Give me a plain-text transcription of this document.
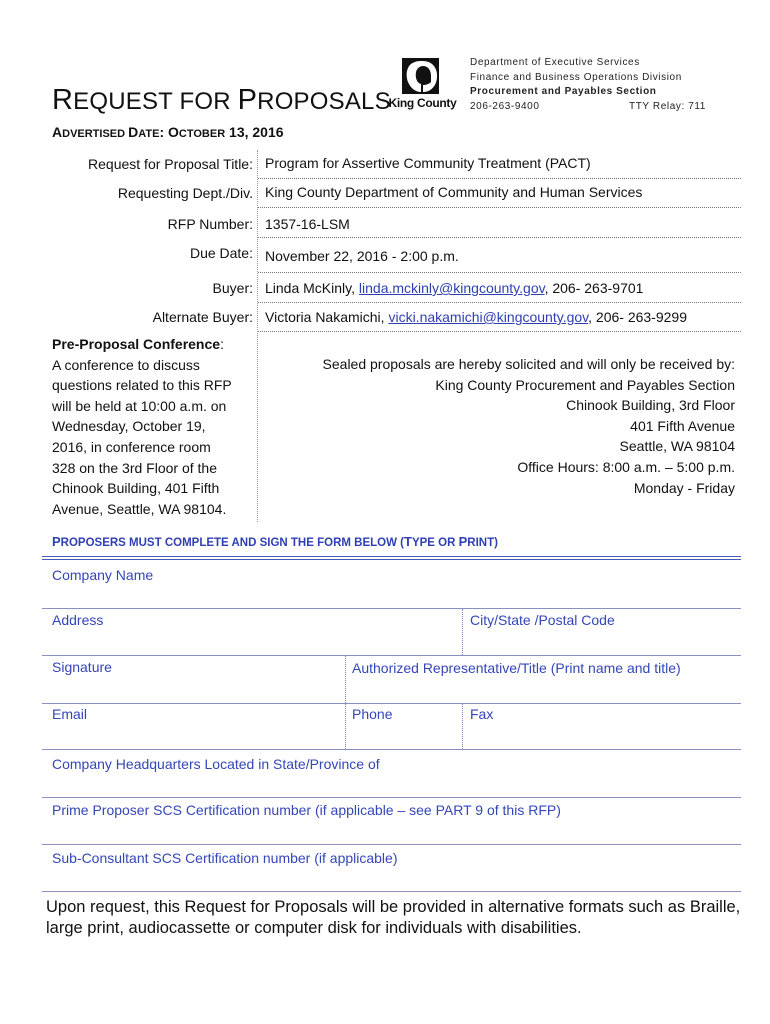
REQUEST FOR PROPOSALS
King County
Department of Executive Services
Finance and Business Operations Division
Procurement and Payables Section
206-263-9400	TTY Relay: 711
ADVERTISED DATE: OCTOBER 13, 2016
Request for Proposal Title: Program for Assertive Community Treatment (PACT)
Requesting Dept./Div. King County Department of Community and Human Services
RFP Number: 1357-16-LSM
Due Date: November 22, 2016 - 2:00 p.m.
Buyer: Linda McKinly, linda.mckinly@kingcounty.gov, 206- 263-9701
Alternate Buyer: Victoria Nakamichi, vicki.nakamichi@kingcounty.gov, 206- 263-9299
Pre-Proposal Conference:
A conference to discuss
questions related to this RFP
will be held at 10:00 a.m. on
Wednesday, October 19,
2016, in conference room
328 on the 3rd Floor of the
Chinook Building, 401 Fifth
Avenue, Seattle, WA 98104.
Sealed proposals are hereby solicited and will only be received by:
King County Procurement and Payables Section
Chinook Building, 3rd Floor
401 Fifth Avenue
Seattle, WA 98104
Office Hours: 8:00 a.m. – 5:00 p.m.
Monday - Friday
PROPOSERS MUST COMPLETE AND SIGN THE FORM BELOW (TYPE OR PRINT)
Company Name
Address	City/State /Postal Code
Signature	Authorized Representative/Title (Print name and title)
Email	Phone	Fax
Company Headquarters Located in State/Province of
Prime Proposer SCS Certification number (if applicable – see PART 9 of this RFP)
Sub-Consultant SCS Certification number (if applicable)
Upon request, this Request for Proposals will be provided in alternative formats such as Braille, large print, audiocassette or computer disk for individuals with disabilities.
